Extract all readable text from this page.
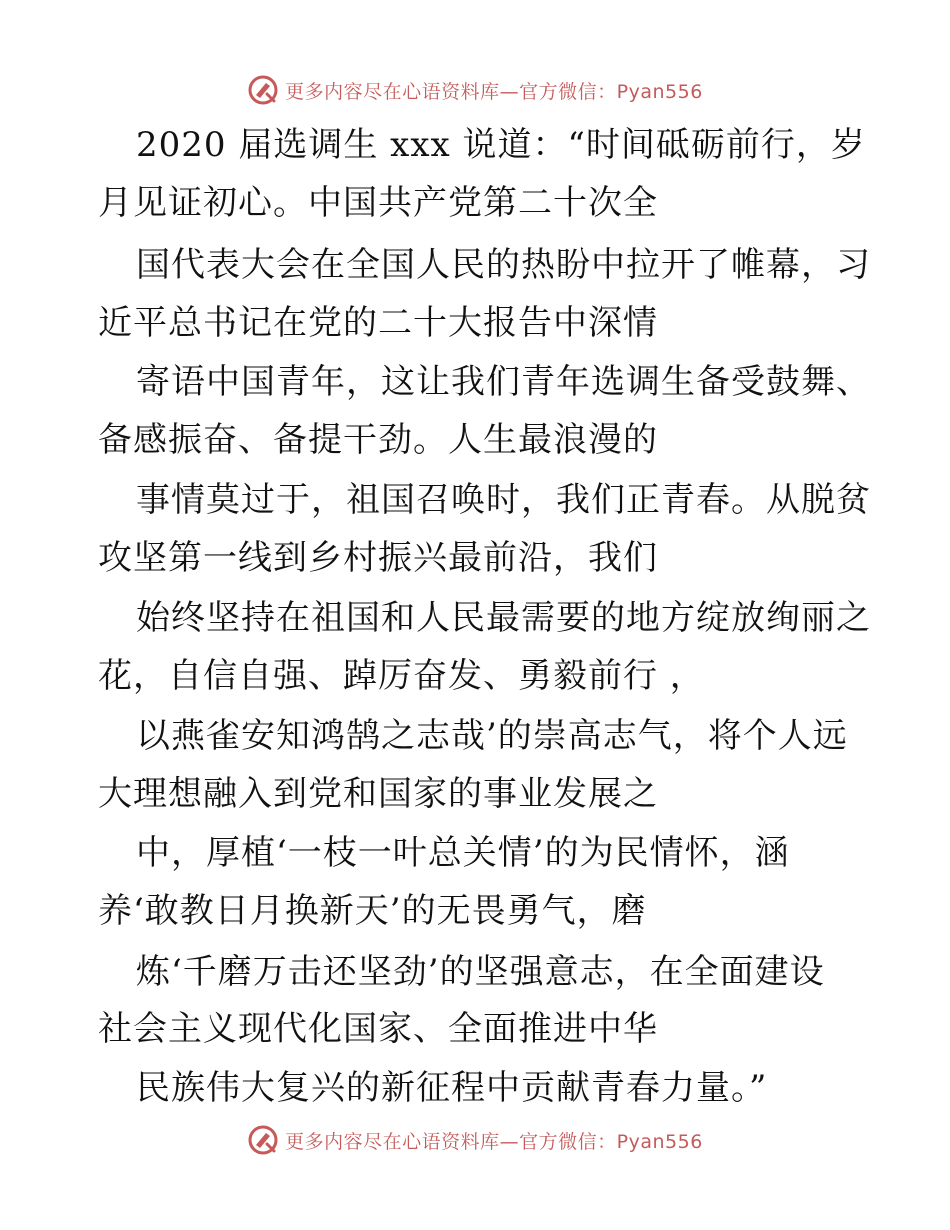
更多内容尽在心语资料库—官方微信：Pyan556
2020 届选调生 xxx 说道：“时间砥砺前行，岁
月见证初心。中国共产党第二十次全
国代表大会在全国人民的热盼中拉开了帷幕，习
近平总书记在党的二十大报告中深情
寄语中国青年，这让我们青年选调生备受鼓舞、
备感振奋、备提干劲。人生最浪漫的
事情莫过于，祖国召唤时，我们正青春。从脱贫
攻坚第一线到乡村振兴最前沿，我们
始终坚持在祖国和人民最需要的地方绽放绚丽之
花，自信自强、踔厉奋发、勇毅前行 ，
以燕雀安知鸿鹄之志哉’的崇高志气，将个人远
大理想融入到党和国家的事业发展之
中，厚植‘一枝一叶总关情’的为民情怀，涵
养‘敢教日月换新天’的无畏勇气，磨
炼‘千磨万击还坚劲’的坚强意志，在全面建设
社会主义现代化国家、全面推进中华
民族伟大复兴的新征程中贡献青春力量。”
更多内容尽在心语资料库—官方微信：Pyan556
